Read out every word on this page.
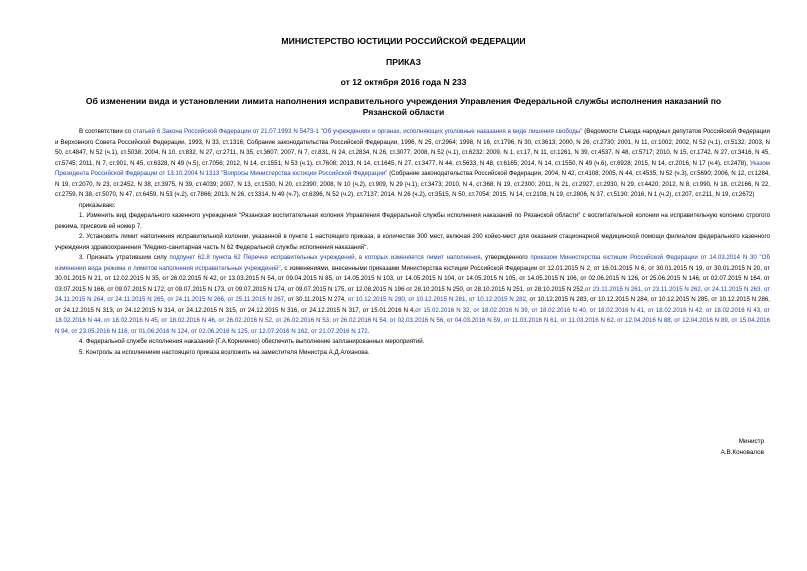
МИНИСТЕРСТВО ЮСТИЦИИ РОССИЙСКОЙ ФЕДЕРАЦИИ
ПРИКАЗ
от 12 октября 2016 года N 233
Об изменении вида и установлении лимита наполнения исправительного учреждения Управления Федеральной службы исполнения наказаний по Рязанской области

В соответствии со статьей 6 Закона Российской Федерации от 21.07.1993 N 5473-1 "Об учреждениях и органах, исполняющих уголовные наказания в виде лишения свободы" (Ведомости Съезда народных депутатов Российской Федерации и Верховного Совета Российской Федерации, 1993, N 33, ст.1316; Собрание законодательства Российской Федерации, 1996, N 25, ст.2964; 1998, N 16, ст.1796, N 30, ст.3613; 2000, N 26, ст.2730; 2001, N 11, ст.1002; 2002, N 52 (ч.1), ст.5132; 2003, N 50, ст.4847, N 52 (ч.1), ст.5038; 2004, N 10, ст.832, N 27, ст.2711, N 35, ст.3607; 2007, N 7, ст.831, N 24, ст.2834, N 26, ст.3077; 2008, N 52 (ч.1), ст.6232; 2009, N 1, ст.17, N 11, ст.1261, N 39, ст.4537, N 48, ст.5717; 2010, N 15, ст.1742, N 27, ст.3416, N 45, ст.5745; 2011, N 7, ст.901, N 45, ст.6328, N 49 (ч.5), ст.7056; 2012, N 14, ст.1551, N 53 (ч.1), ст.7608; 2013, N 14, ст.1645, N 27, ст.3477, N 44, ст.5633, N 48, ст.6165; 2014, N 14, ст.1550, N 49 (ч.6), ст.6928; 2015, N 14, ст.2016, N 17 (ч.4), ст.2478), Указом Президента Российской Федерации от 13.10.2004 N 1313 "Вопросы Министерства юстиции Российской Федерации" (Собрание законодательства Российской Федерации, 2004, N 42, ст.4108; 2005, N 44, ст.4535, N 52 (ч.3), ст.5690; 2006, N 12, ст.1284, N 19, ст.2070, N 23, ст.2452, N 38, ст.3975, N 39, ст.4039; 2007, N 13, ст.1530, N 20, ст.2390; 2008, N 10 (ч.2), ст.909, N 29 (ч.1), ст.3473; 2010, N 4, ст.368, N 19, ст.2300; 2011, N 21, ст.2927, ст.2930, N 29, ст.4420; 2012, N 8, ст.990, N 18, ст.2166, N 22, ст.2759, N 38, ст.5070, N 47, ст.6459, N 53 (ч.2), ст.7866; 2013, N 26, ст.3314, N 49 (ч.7), ст.6396, N 52 (ч.2), ст.7137; 2014, N 26 (ч.2), ст.3515, N 50, ст.7054; 2015, N 14, ст.2108, N 19, ст.2806, N 37, ст.5130; 2016, N 1 (ч.2), ст.207, ст.211, N 19, ст.2672)

приказываю:

1. Изменить вид федерального казенного учреждения "Рязанская воспитательная колония Управления Федеральной службы исполнения наказаний по Рязанской области" с воспитательной колонии на исправительную колонию строгого режима, присвоив ей номер 7.

2. Установить лимит наполнения исправительной колонии, указанной в пункте 1 настоящего приказа, в количестве 300 мест, включая 200 койко-мест для оказания стационарной медицинской помощи филиалом федерального казенного учреждения здравоохранения "Медико-санитарная часть N 62 Федеральной службы исполнения наказаний".

3. Признать утратившим силу подпункт 62.8 пункта 62 Перечня исправительных учреждений, в которых изменяется лимит наполнения, утвержденного приказом Министерства юстиции Российской Федерации от 14.03.2014 N 30 "Об изменении вида режима и лимитов наполнения исправительных учреждений", с изменениями, внесенными приказами Министерства юстиции Российской Федерации от 12.01.2015 N 2, от 16.01.2015 N 6, от 30.01.2015 N 19, от 30.01.2015 N 20, от 30.01.2015 N 21, от 12.02.2015 N 35, от 26.02.2015 N 42, от 13.03.2015 N 54, от 09.04.2015 N 85, от 14.05.2015 N 103, от 14.05.2015 N 104, от 14.05.2015 N 105, от 14.05.2015 N 106, от 02.06.2015 N 126, от 25.06.2015 N 146, от 02.07.2015 N 164, от 03.07.2015 N 166, от 09.07.2015 N 172, от 09.07.2015 N 173, от 09.07.2015 N 174, от 09.07.2015 N 175, от 12.08.2015 N 196 от 28.10.2015 N 250, от 28.10.2015 N 251, от 28.10.2015 N 252,от 23.11.2015 N 261, от 23.11.2015 N 262, от 24.11.2015 N 263, от 24.11.2015 N 264, от 24.11.2015 N 265, от 24.11.2015 N 266, от 25.11.2015 N 267, от 30.11.2015 N 274, от 10.12.2015 N 280, от 10.12.2015 N 281, от 10.12.2015 N 282, от 10.12.2015 N 283, от 10.12.2015 N 284, от 10.12.2015 N 285, от 10.12.2015 N 286, от 24.12.2015 N 313, от 24.12.2015 N 314, от 24.12.2015 N 315, от 24.12.2015 N 316, от 24.12.2015 N 317, от 15.01.2016 N 4,от 15.02.2016 N 32, от 18.02.2016 N 39, от 18.02.2016 N 40, от 18.02.2016 N 41, от 18.02.2016 N 42, от 18.02.2016 N 43, от 18.02.2016 N 44, от 18.02.2016 N 45, от 18.02.2016 N 46, от 26.02.2016 N 52, от 26.02.2016 N 53, от 26.02.2016 N 54, от 02.03.2016 N 56, от 04.03.2016 N 59, от 11.03.2016 N 61, от 11.03.2016 N 62, от 12.04.2016 N 88, от 12.04.2016 N 89, от 15.04.2016 N 94, от 23.05.2016 N 116, от 01.06.2016 N 124, от 02.06.2016 N 125, от 12.07.2016 N 162, от 21.07.2016 N 172.

4. Федеральной службе исполнения наказаний (Г.А.Корниенко) обеспечить выполнение запланированных мероприятий.

5. Контроль за исполнением настоящего приказа возложить на заместителя Министра А.Д.Алханова.

Министр
А.В.Коновалов
